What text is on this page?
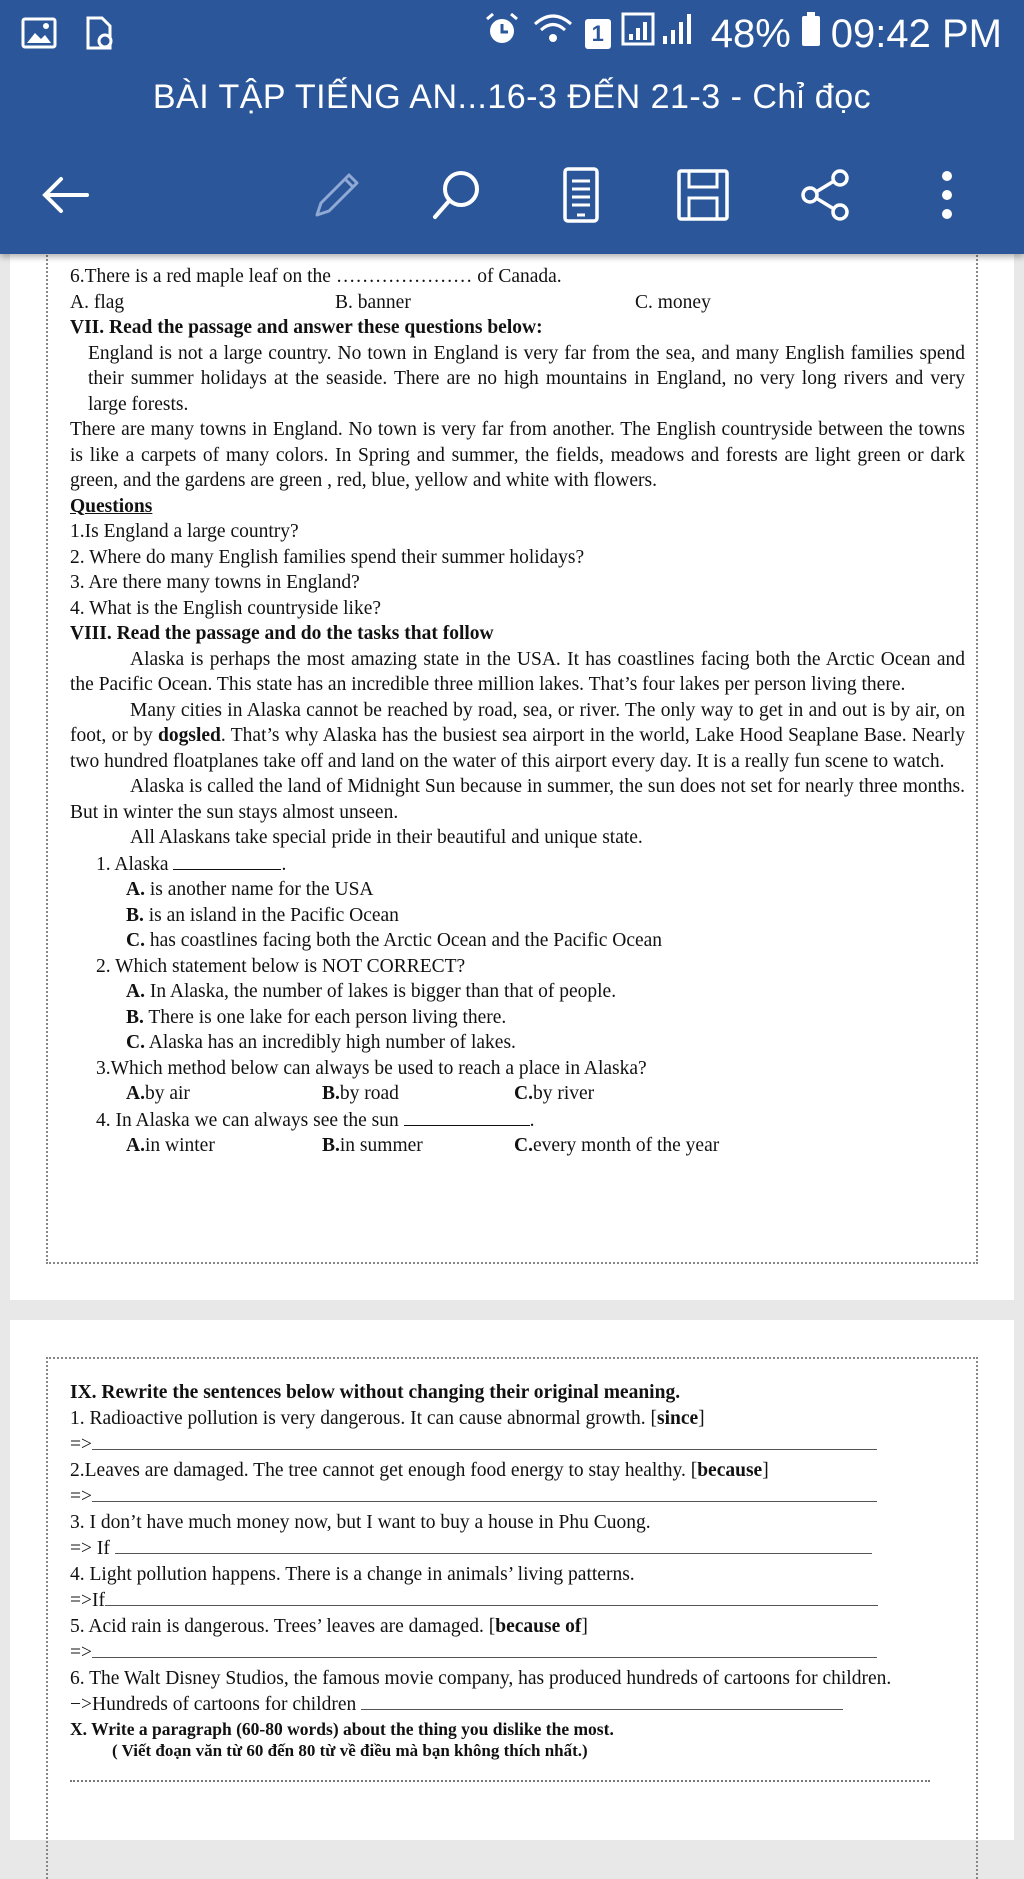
6.There is a red maple leaf on the ………………… of Canada.

A. flag	B. banner	C. money

VII. Read the passage and answer these questions below:

England is not a large country. No town in England is very far from the sea, and many English families spend their summer holidays at the seaside. There are no high mountains in England, no very long rivers and very large forests.

There are many towns in England. No town is very far from another. The English countryside between the towns is like a carpets of many colors. In Spring and summer, the fields, meadows and forests are light green or dark green, and the gardens are green , red, blue, yellow and white with flowers.

Questions

1.Is England a large country?

2. Where do many English families spend their summer holidays?

3. Are there many towns in England?

4. What is the English countryside like?

VIII. Read the passage and do the tasks that follow

Alaska is perhaps the most amazing state in the USA. It has coastlines facing both the Arctic Ocean and the Pacific Ocean. This state has an incredible three million lakes. That’s four lakes per person living there.

Many cities in Alaska cannot be reached by road, sea, or river. The only way to get in and out is by air, on foot, or by dogsled. That’s why Alaska has the busiest sea airport in the world, Lake Hood Seaplane Base. Nearly two hundred floatplanes take off and land on the water of this airport every day. It is a really fun scene to watch.

Alaska is called the land of Midnight Sun because in summer, the sun does not set for nearly three months. But in winter the sun stays almost unseen.

All Alaskans take special pride in their beautiful and unique state.

1. Alaska	.

A. is another name for the USA

B. is an island in the Pacific Ocean

C. has coastlines facing both the Arctic Ocean and the Pacific Ocean

2. Which statement below is NOT CORRECT?

A. In Alaska, the number of lakes is bigger than that of people.

B. There is one lake for each person living there.

C. Alaska has an incredibly high number of lakes.

3.Which method below can always be used to reach a place in Alaska?

A.by air	B.by road	C.by river

4. In Alaska we can always see the sun	.

A.in winter	B.in summer	C.every month of the year

IX. Rewrite the sentences below without changing their original meaning.

1. Radioactive pollution is very dangerous. It can cause abnormal growth. [since]

=>

2.Leaves are damaged. The tree cannot get enough food energy to stay healthy. [because]

=>

3. I don’t have much money now, but I want to buy a house in Phu Cuong.

=> If

4. Light pollution happens. There is a change in animals’ living patterns.

=>If

5. Acid rain is dangerous. Trees’ leaves are damaged. [because of]

=>

6. The Walt Disney Studios, the famous movie company, has produced hundreds of cartoons for children.

−>Hundreds of cartoons for children

X. Write a paragraph (60-80 words) about the thing you dislike the most.

( Viết đoạn văn từ 60 đến 80 từ về điều mà bạn không thích nhất.)

1	48% 09:42 PM
BÀI TẬP TIẾNG AN...16-3 ĐẾN 21-3 - Chỉ đọc
